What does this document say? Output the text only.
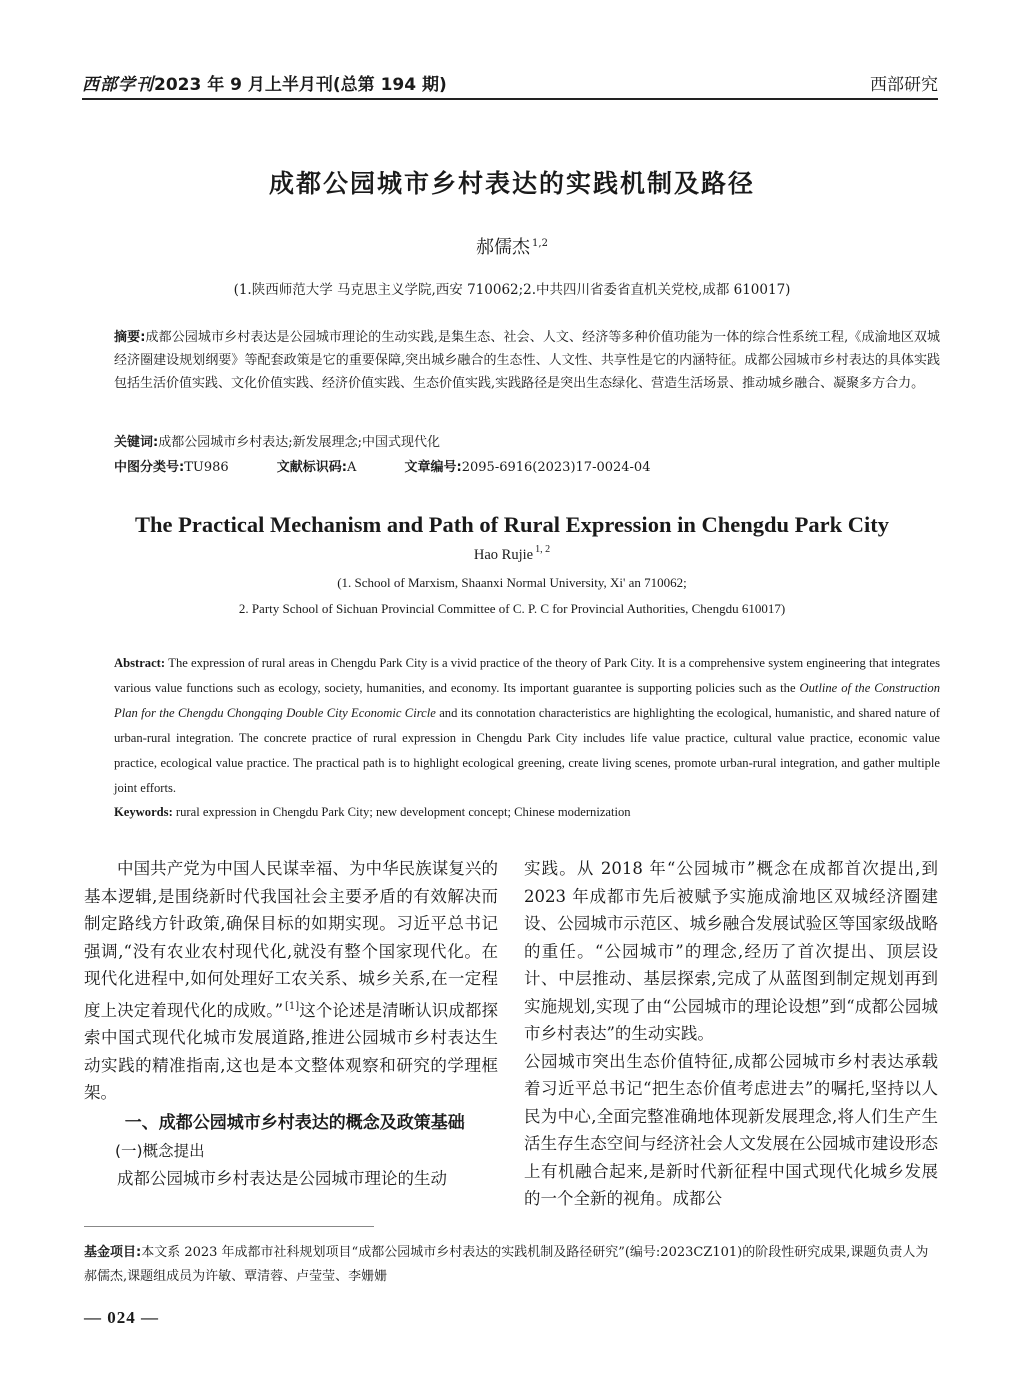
西部学刊2023 年 9 月上半月刊(总第 194 期)	西部研究
成都公园城市乡村表达的实践机制及路径
郝儒杰 $^{1,2}$
(1.陕西师范大学 马克思主义学院,西安 710062;2.中共四川省委省直机关党校,成都 610017)
摘要:成都公园城市乡村表达是公园城市理论的生动实践,是集生态、社会、人文、经济等多种价值功能为一体的综合性系统工程,《成渝地区双城经济圈建设规划纲要》等配套政策是它的重要保障,突出城乡融合的生态性、人文性、共享性是它的内涵特征。成都公园城市乡村表达的具体实践包括生活价值实践、文化价值实践、经济价值实践、生态价值实践,实践路径是突出生态绿化、营造生活场景、推动城乡融合、凝聚多方合力。
关键词:成都公园城市乡村表达;新发展理念;中国式现代化
中图分类号:TU986	文献标识码:A	文章编号:2095-6916(2023)17-0024-04
The Practical Mechanism and Path of Rural Expression in Chengdu Park City
Hao Rujie $^{1, 2}$
(1. School of Marxism, Shaanxi Normal University, Xi' an 710062;
2. Party School of Sichuan Provincial Committee of C. P. C for Provincial Authorities, Chengdu 610017)
Abstract: The expression of rural areas in Chengdu Park City is a vivid practice of the theory of Park City. It is a comprehensive system engineering that integrates various value functions such as ecology, society, humanities, and economy. Its important guarantee is supporting policies such as the Outline of the Construction Plan for the Chengdu Chongqing Double City Economic Circle and its connotation characteristics are highlighting the ecological, humanistic, and shared nature of urban-rural integration. The concrete practice of rural expression in Chengdu Park City includes life value practice, cultural value practice, economic value practice, ecological value practice. The practical path is to highlight ecological greening, create living scenes, promote urban-rural integration, and gather multiple joint efforts.
Keywords: rural expression in Chengdu Park City; new development concept; Chinese modernization

中国共产党为中国人民谋幸福、为中华民族谋复兴的基本逻辑,是围绕新时代我国社会主要矛盾的有效解决而制定路线方针政策,确保目标的如期实现。习近平总书记强调,“没有农业农村现代化,就没有整个国家现代化。在现代化进程中,如何处理好工农关系、城乡关系,在一定程度上决定着现代化的成败。” [1]这个论述是清晰认识成都探索中国式现代化城市发展道路,推进公园城市乡村表达生动实践的精准指南,这也是本文整体观察和研究的学理框架。

一、成都公园城市乡村表达的概念及政策基础
(一)概念提出

成都公园城市乡村表达是公园城市理论的生动

实践。从 2018 年“公园城市”概念在成都首次提出,到 2023 年成都市先后被赋予实施成渝地区双城经济圈建设、公园城市示范区、城乡融合发展试验区等国家级战略的重任。“公园城市”的理念,经历了首次提出、顶层设计、中层推动、基层探索,完成了从蓝图到制定规划再到实施规划,实现了由“公园城市的理论设想”到“成都公园城市乡村表达”的生动实践。

公园城市突出生态价值特征,成都公园城市乡村表达承载着习近平总书记“把生态价值考虑进去”的嘱托,坚持以人民为中心,全面完整准确地体现新发展理念,将人们生产生活生存生态空间与经济社会人文发展在公园城市建设形态上有机融合起来,是新时代新征程中国式现代化城乡发展的一个全新的视角。成都公

基金项目:本文系 2023 年成都市社科规划项目“成都公园城市乡村表达的实践机制及路径研究”(编号:2023CZ101)的阶段性研究成果,课题负责人为郝儒杰,课题组成员为许敏、覃清蓉、卢莹莹、李姗姗
— 024 —
